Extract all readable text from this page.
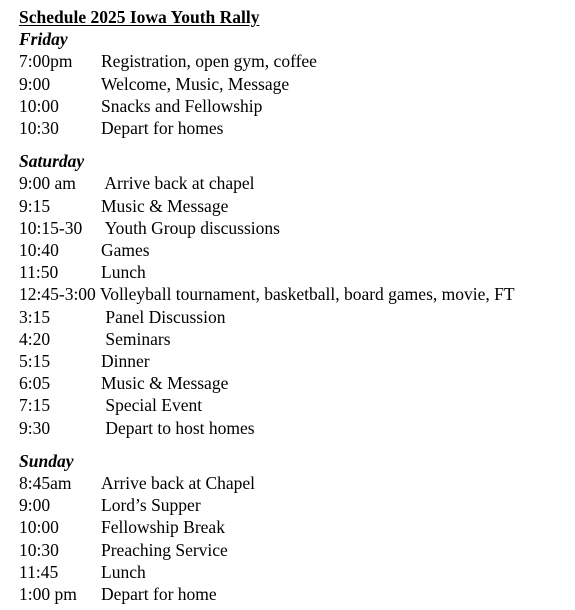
Schedule 2025 Iowa Youth Rally
Friday
7:00pm	Registration, open gym, coffee
9:00	Welcome, Music, Message
10:00	Snacks and Fellowship
10:30	Depart for homes
Saturday
9:00 am	Arrive back at chapel
9:15	Music & Message
10:15-30	Youth Group discussions
10:40	Games
11:50	Lunch
12:45-3:00 Volleyball tournament, basketball, board games, movie, FT
3:15	Panel Discussion
4:20	Seminars
5:15	Dinner
6:05	Music & Message
7:15	Special Event
9:30	Depart to host homes
Sunday
8:45am	Arrive back at Chapel
9:00	Lord’s Supper
10:00	Fellowship Break
10:30	Preaching Service
11:45	Lunch
1:00 pm	Depart for home
